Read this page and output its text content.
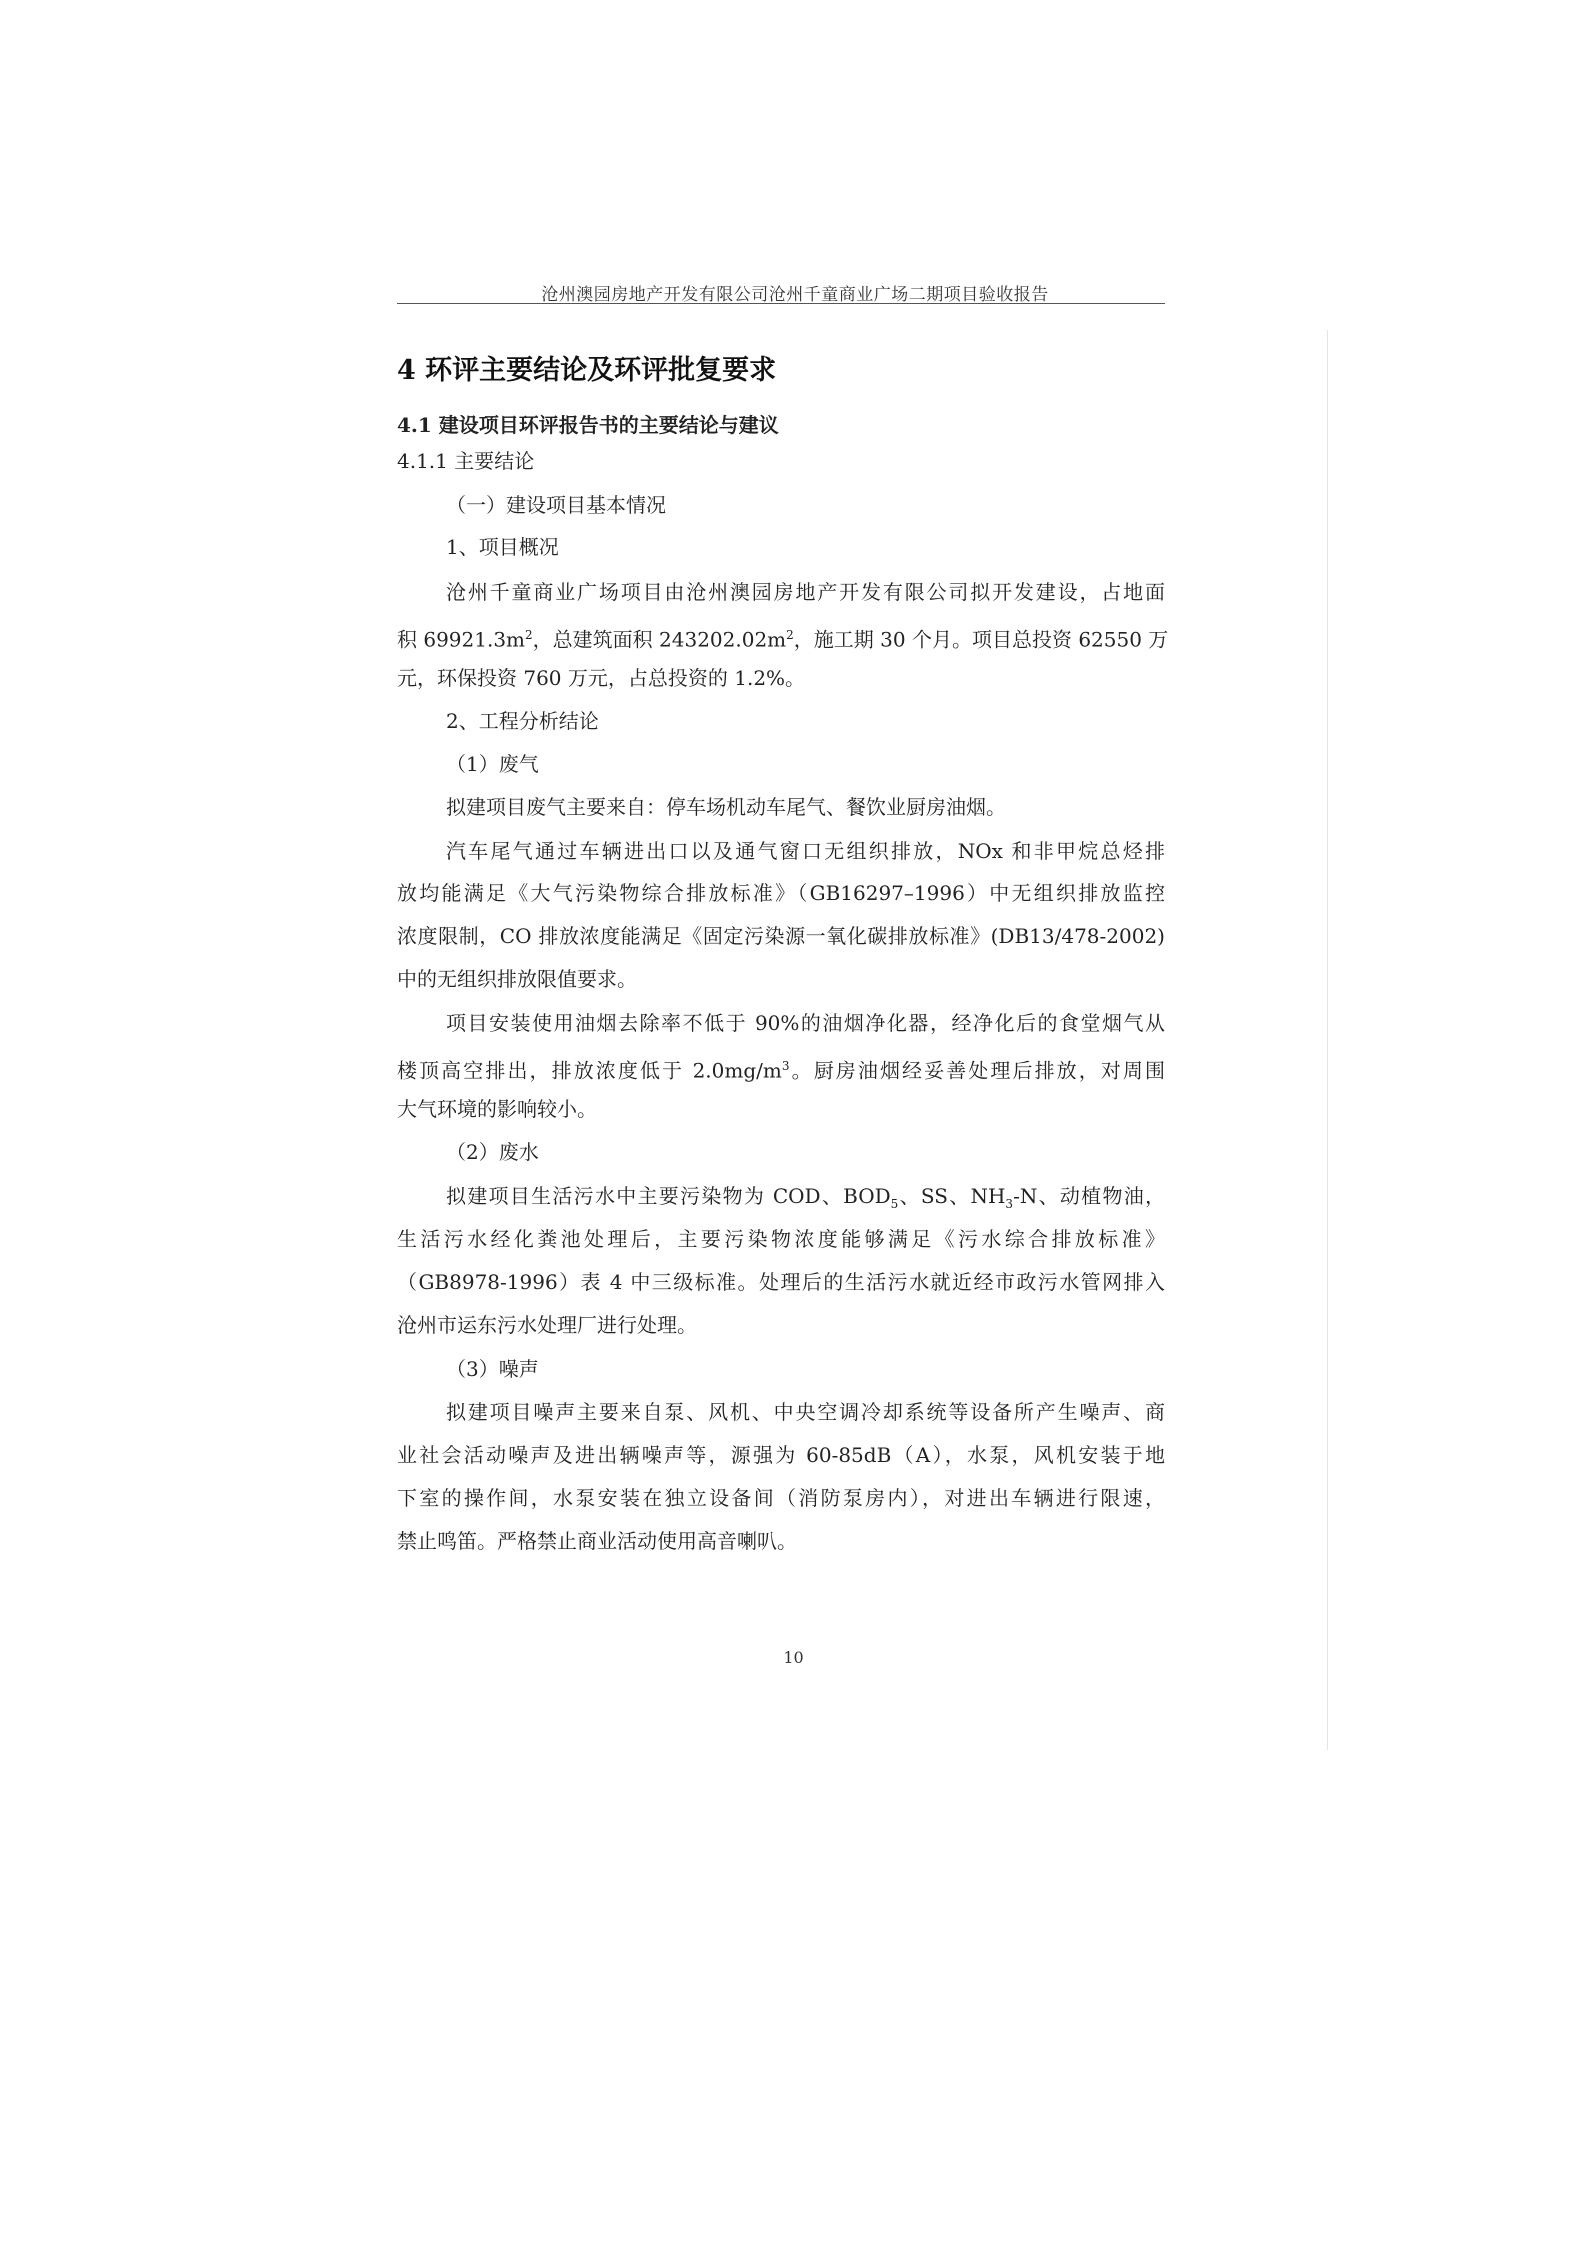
沧州澳园房地产开发有限公司沧州千童商业广场二期项目验收报告
4 环评主要结论及环评批复要求
4.1 建设项目环评报告书的主要结论与建议
4.1.1 主要结论
（一）建设项目基本情况
1、项目概况
沧州千童商业广场项目由沧州澳园房地产开发有限公司拟开发建设，占地面
积 $69921.3m^2$，总建筑面积 $243202.02m^2$，施工期 30 个月。项目总投资 62550 万
元，环保投资 760 万元，占总投资的 1.2%。
2、工程分析结论
（1）废气
拟建项目废气主要来自：停车场机动车尾气、餐饮业厨房油烟。
汽车尾气通过车辆进出口以及通气窗口无组织排放，NOx 和非甲烷总烃排
放均能满足《大气污染物综合排放标准》（GB16297–1996）中无组织排放监控
浓度限制，CO 排放浓度能满足《固定污染源一氧化碳排放标准》(DB13/478-2002)
中的无组织排放限值要求。
项目安装使用油烟去除率不低于 90%的油烟净化器，经净化后的食堂烟气从
楼顶高空排出，排放浓度低于 $2.0mg/m^3$。厨房油烟经妥善处理后排放，对周围
大气环境的影响较小。
（2）废水
拟建项目生活污水中主要污染物为 COD、$BOD_5$、SS、$NH_3-N$、动植物油，
生活污水经化粪池处理后，主要污染物浓度能够满足《污水综合排放标准》
（GB8978-1996）表 4 中三级标准。处理后的生活污水就近经市政污水管网排入
沧州市运东污水处理厂进行处理。
（3）噪声
拟建项目噪声主要来自泵、风机、中央空调冷却系统等设备所产生噪声、商
业社会活动噪声及进出辆噪声等，源强为 60-85dB（A），水泵，风机安装于地
下室的操作间，水泵安装在独立设备间（消防泵房内），对进出车辆进行限速，
禁止鸣笛。严格禁止商业活动使用高音喇叭。
10
